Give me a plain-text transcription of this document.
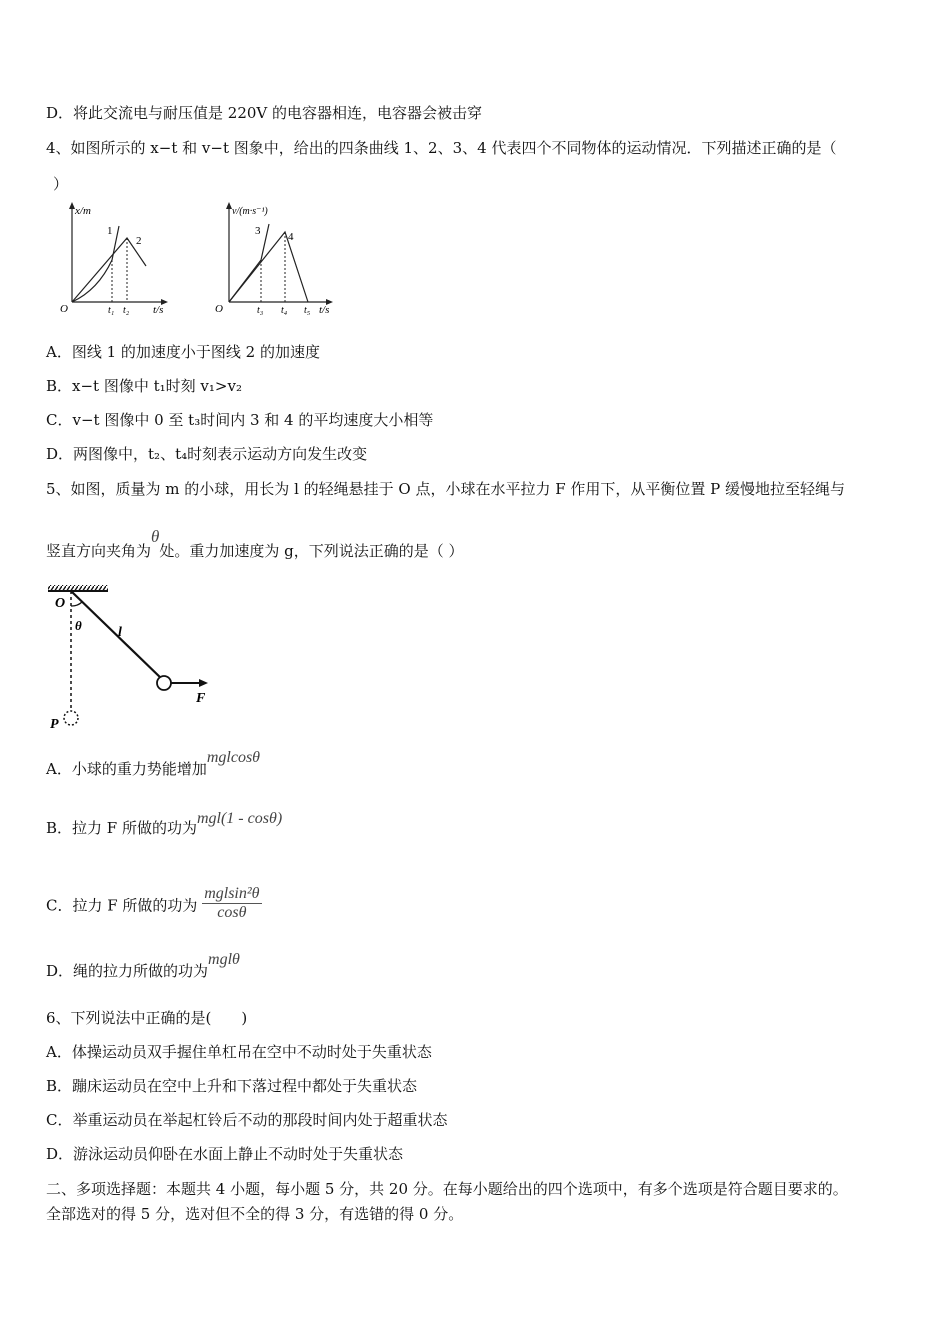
D．将此交流电与耐压值是 220V 的电容器相连，电容器会被击穿
4、如图所示的 x−t 和 v−t 图象中，给出的四条曲线 1、2、3、4 代表四个不同物体的运动情况．下列描述正确的是（
）
x/m
O	t/s
1
2
t₁ t₂
v/(m·s⁻¹)
O	t/s
3	4
t₃ t₄ t₅
A．图线 1 的加速度小于图线 2 的加速度
B．x−t 图像中 t₁时刻 v₁>v₂
C．v−t 图像中 0 至 t₃时间内 3 和 4 的平均速度大小相等
D．两图像中，t₂、t₄时刻表示运动方向发生改变
5、如图，质量为 m 的小球，用长为 l 的轻绳悬挂于 O 点，小球在水平拉力 F 作用下，从平衡位置 P 缓慢地拉至轻绳与
竖直方向夹角为θ处。重力加速度为 g，下列说法正确的是（ ）
O
θ	l
F
P
A．小球的重力势能增加mglcosθ
B．拉力 F 所做的功为mgl(1 - cosθ)
C．拉力 F 所做的功为
mglsin²θ
cosθ
D．绳的拉力所做的功为mglθ
6、下列说法中正确的是(　　)
A．体操运动员双手握住单杠吊在空中不动时处于失重状态
B．蹦床运动员在空中上升和下落过程中都处于失重状态
C．举重运动员在举起杠铃后不动的那段时间内处于超重状态
D．游泳运动员仰卧在水面上静止不动时处于失重状态
二、多项选择题：本题共 4 小题，每小题 5 分，共 20 分。在每小题给出的四个选项中，有多个选项是符合题目要求的。
全部选对的得 5 分，选对但不全的得 3 分，有选错的得 0 分。
